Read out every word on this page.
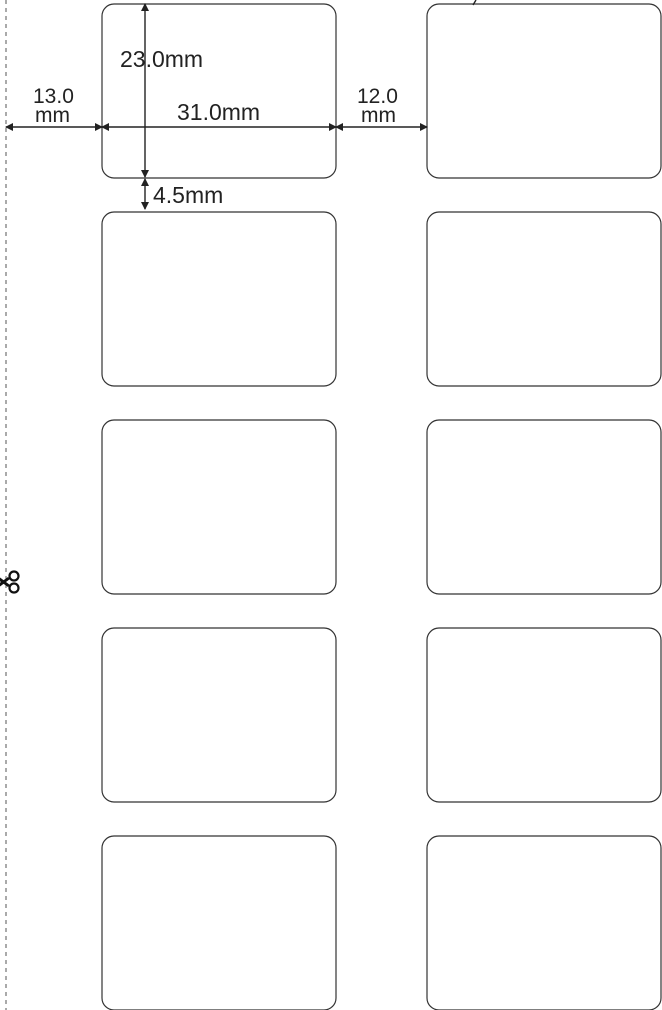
23.0mm
31.0mm
13.0
mm
12.0
mm
4.5mm
